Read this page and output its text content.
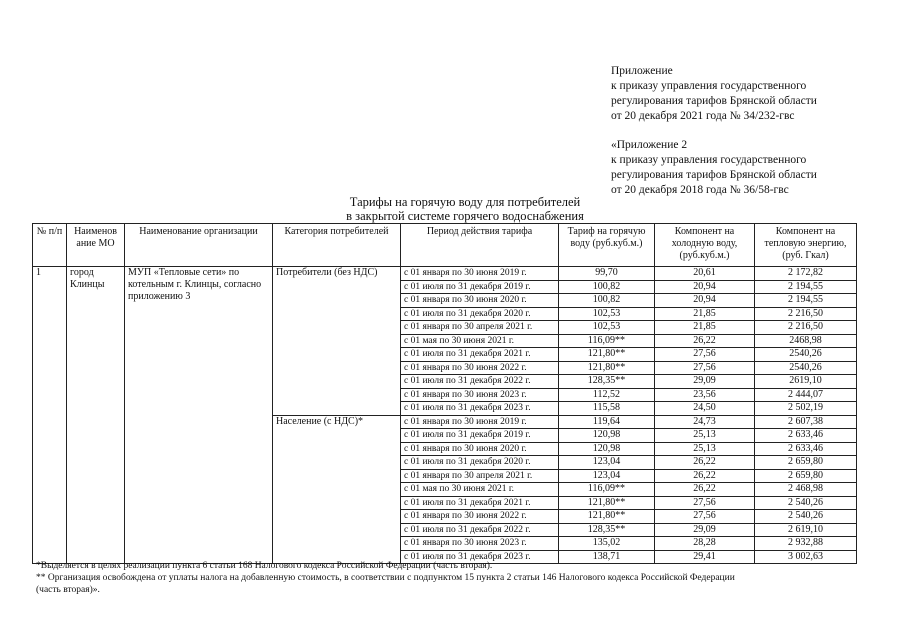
Приложение
к приказу управления государственного
регулирования тарифов Брянской области
от 20 декабря 2021 года № 34/232-гвс
«Приложение 2
к приказу управления государственного
регулирования тарифов Брянской области
от 20 декабря 2018 года № 36/58-гвс
Тарифы на горячую воду для потребителей
в закрытой системе горячего водоснабжения
№ п/п	Наименов ание МО	Наименование организации	Категория потребителей	Период действия тарифа	Тариф на горячую воду (руб.куб.м.)	Компонент на холодную воду, (руб.куб.м.)	Компонент на тепловую энергию, (руб. Гкал)
1	город Клинцы	МУП «Тепловые сети» по котельным г. Клинцы, согласно приложению 3	Потребители (без НДС)	с 01 января по 30 июня 2019 г.	99,70	20,61	2 172,82
				с 01 июля по 31 декабря 2019 г.	100,82	20,94	2 194,55
				с 01 января по 30 июня 2020 г.	100,82	20,94	2 194,55
				с 01 июля по 31 декабря 2020 г.	102,53	21,85	2 216,50
				с 01 января по 30 апреля 2021 г.	102,53	21,85	2 216,50
				с 01 мая по 30 июня 2021 г.	116,09**	26,22	2468,98
				с 01 июля по 31 декабря 2021 г.	121,80**	27,56	2540,26
				с 01 января по 30 июня 2022 г.	121,80**	27,56	2540,26
				с 01 июля по 31 декабря 2022 г.	128,35**	29,09	2619,10
				с 01 января по 30 июня 2023 г.	112,52	23,56	2 444,07
				с 01 июля по 31 декабря 2023 г.	115,58	24,50	2 502,19
			Население (с НДС)*	с 01 января по 30 июня 2019 г.	119,64	24,73	2 607,38
				с 01 июля по 31 декабря 2019 г.	120,98	25,13	2 633,46
				с 01 января по 30 июня 2020 г.	120,98	25,13	2 633,46
				с 01 июля по 31 декабря 2020 г.	123,04	26,22	2 659,80
				с 01 января по 30 апреля 2021 г.	123,04	26,22	2 659,80
				с 01 мая по 30 июня 2021 г.	116,09**	26,22	2 468,98
				с 01 июля по 31 декабря 2021 г.	121,80**	27,56	2 540,26
				с 01 января по 30 июня 2022 г.	121,80**	27,56	2 540,26
				с 01 июля по 31 декабря 2022 г.	128,35**	29,09	2 619,10
				с 01 января по 30 июня 2023 г.	135,02	28,28	2 932,88
				с 01 июля по 31 декабря 2023 г.	138,71	29,41	3 002,63
*Выделяется в целях реализации пункта 6 статьи 168 Налогового кодекса Российской Федерации (часть вторая).
** Организация освобождена от уплаты налога на добавленную стоимость, в соответствии с подпунктом 15 пункта 2 статьи 146 Налогового кодекса Российской Федерации
(часть вторая)».
